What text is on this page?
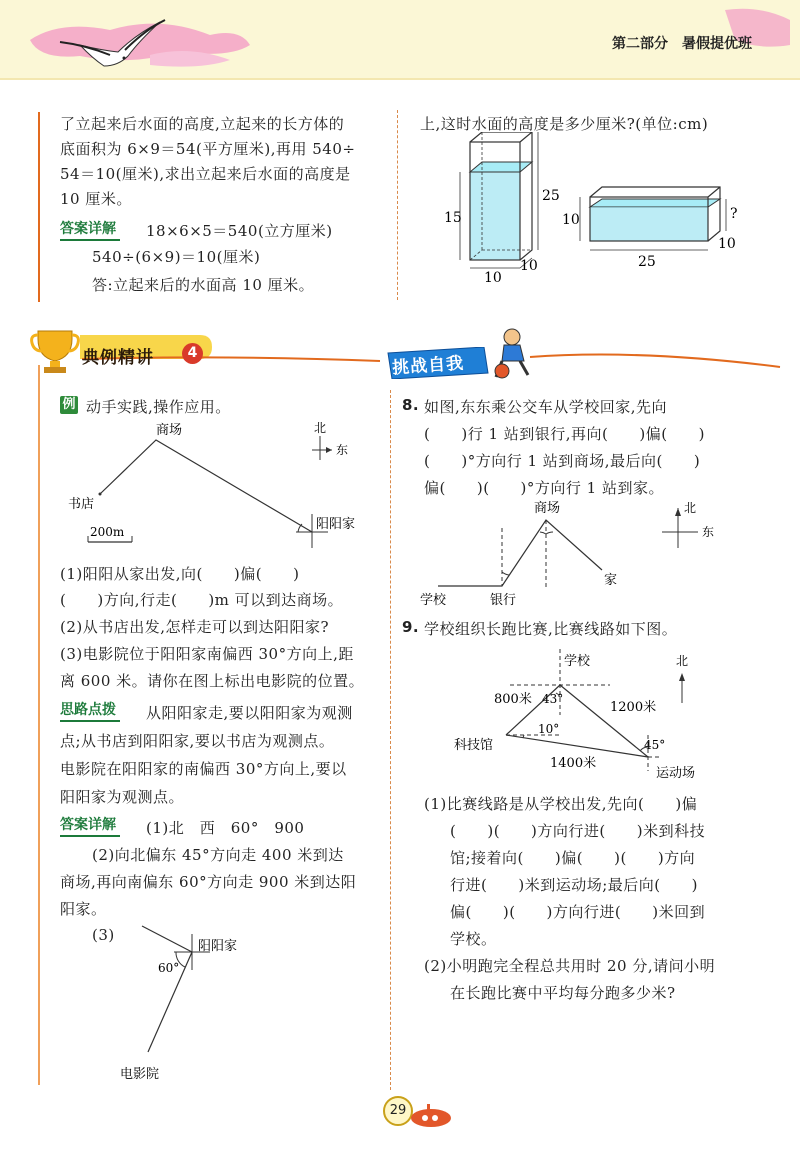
第二部分　暑假提优班
了立起来后水面的高度,立起来的长方体的
底面积为 6×9＝54(平方厘米),再用 540÷
54＝10(厘米),求出立起来后水面的高度是
10 厘米。
答案详解 18×6×5＝540(立方厘米)
540÷(6×9)＝10(厘米)
答:立起来后的水面高 10 厘米。
上,这时水面的高度是多少厘米?(单位:cm)
25
15
10
10
10
25
10
?
典例精讲	4
挑战自我
例 动手实践,操作应用。
商场
书店
阳阳家
北
东
200m
(1)阳阳从家出发,向(　　)偏(　　)
(　　)方向,行走(　　)m 可以到达商场。
(2)从书店出发,怎样走可以到达阳阳家?
(3)电影院位于阳阳家南偏西 30°方向上,距
离 600 米。请你在图上标出电影院的位置。
思路点拨 从阳阳家走,要以阳阳家为观测
点;从书店到阳阳家,要以书店为观测点。
电影院在阳阳家的南偏西 30°方向上,要以
阳阳家为观测点。
答案详解 (1)北　西　60°　900
(2)向北偏东 45°方向走 400 米到达
商场,再向南偏东 60°方向走 900 米到达阳
阳家。
(3)
阳阳家
60°
电影院
8. 如图,东东乘公交车从学校回家,先向
(　　)行 1 站到银行,再向(　　)偏(　　)
(　　)°方向行 1 站到商场,最后向(　　)
偏(　　)(　　)°方向行 1 站到家。
商场
学校	银行
家
北
东
9. 学校组织长跑比赛,比赛线路如下图。
学校
科技馆
运动场
800米
1200米
1400米
43°
10°
45°
北
(1)比赛线路是从学校出发,先向(　　)偏
(　　)(　　)方向行进(　　)米到科技
馆;接着向(　　)偏(　　)(　　)方向
行进(　　)米到运动场;最后向(　　)
偏(　　)(　　)方向行进(　　)米回到
学校。
(2)小明跑完全程总共用时 20 分,请问小明
在长跑比赛中平均每分跑多少米?
29
